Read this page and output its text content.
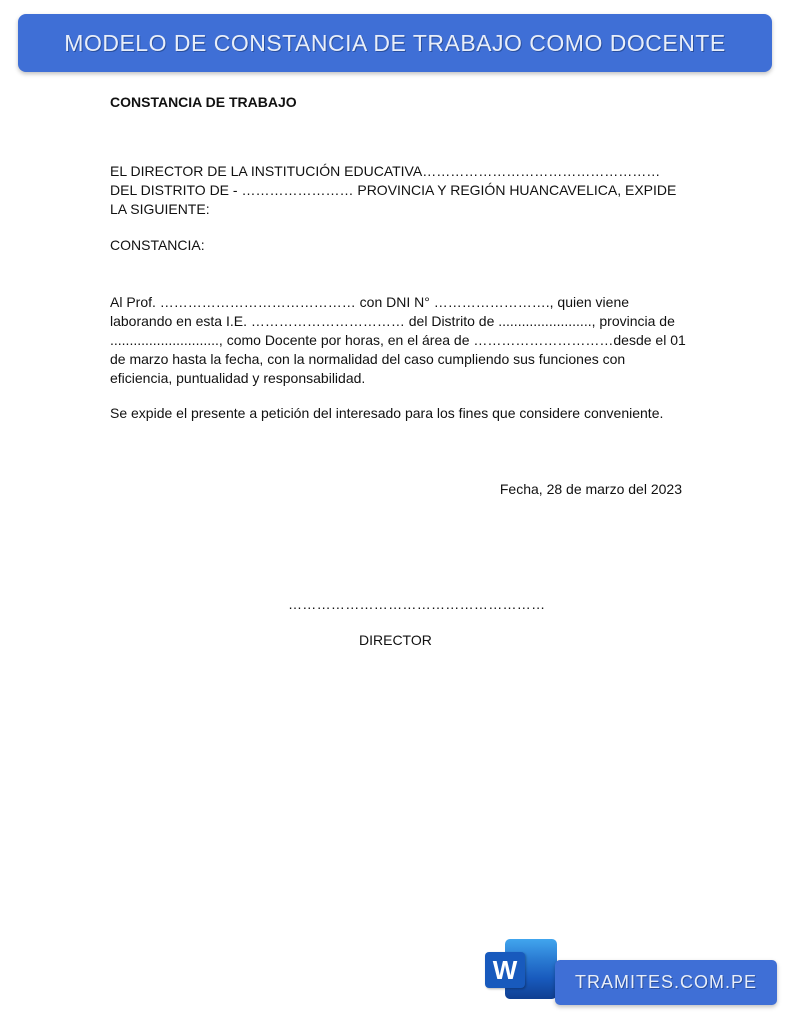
MODELO DE CONSTANCIA DE TRABAJO COMO DOCENTE
CONSTANCIA DE TRABAJO
EL DIRECTOR DE LA INSTITUCIÓN EDUCATIVA…………………………………………… DEL DISTRITO DE - …………………… PROVINCIA Y REGIÓN HUANCAVELICA, EXPIDE LA SIGUIENTE:
CONSTANCIA:
Al Prof. …………………………………… con DNI N° ……………………., quien viene laborando en esta I.E. …………………………… del Distrito de ........................, provincia de ............................, como Docente por horas, en el área de …………………………desde el 01 de marzo hasta la fecha, con la normalidad del caso cumpliendo sus funciones con eficiencia, puntualidad y responsabilidad.
Se expide el presente a petición del interesado para los fines que considere conveniente.
Fecha, 28 de marzo del 2023
………………………………………………
DIRECTOR
W	TRAMITES.COM.PE
